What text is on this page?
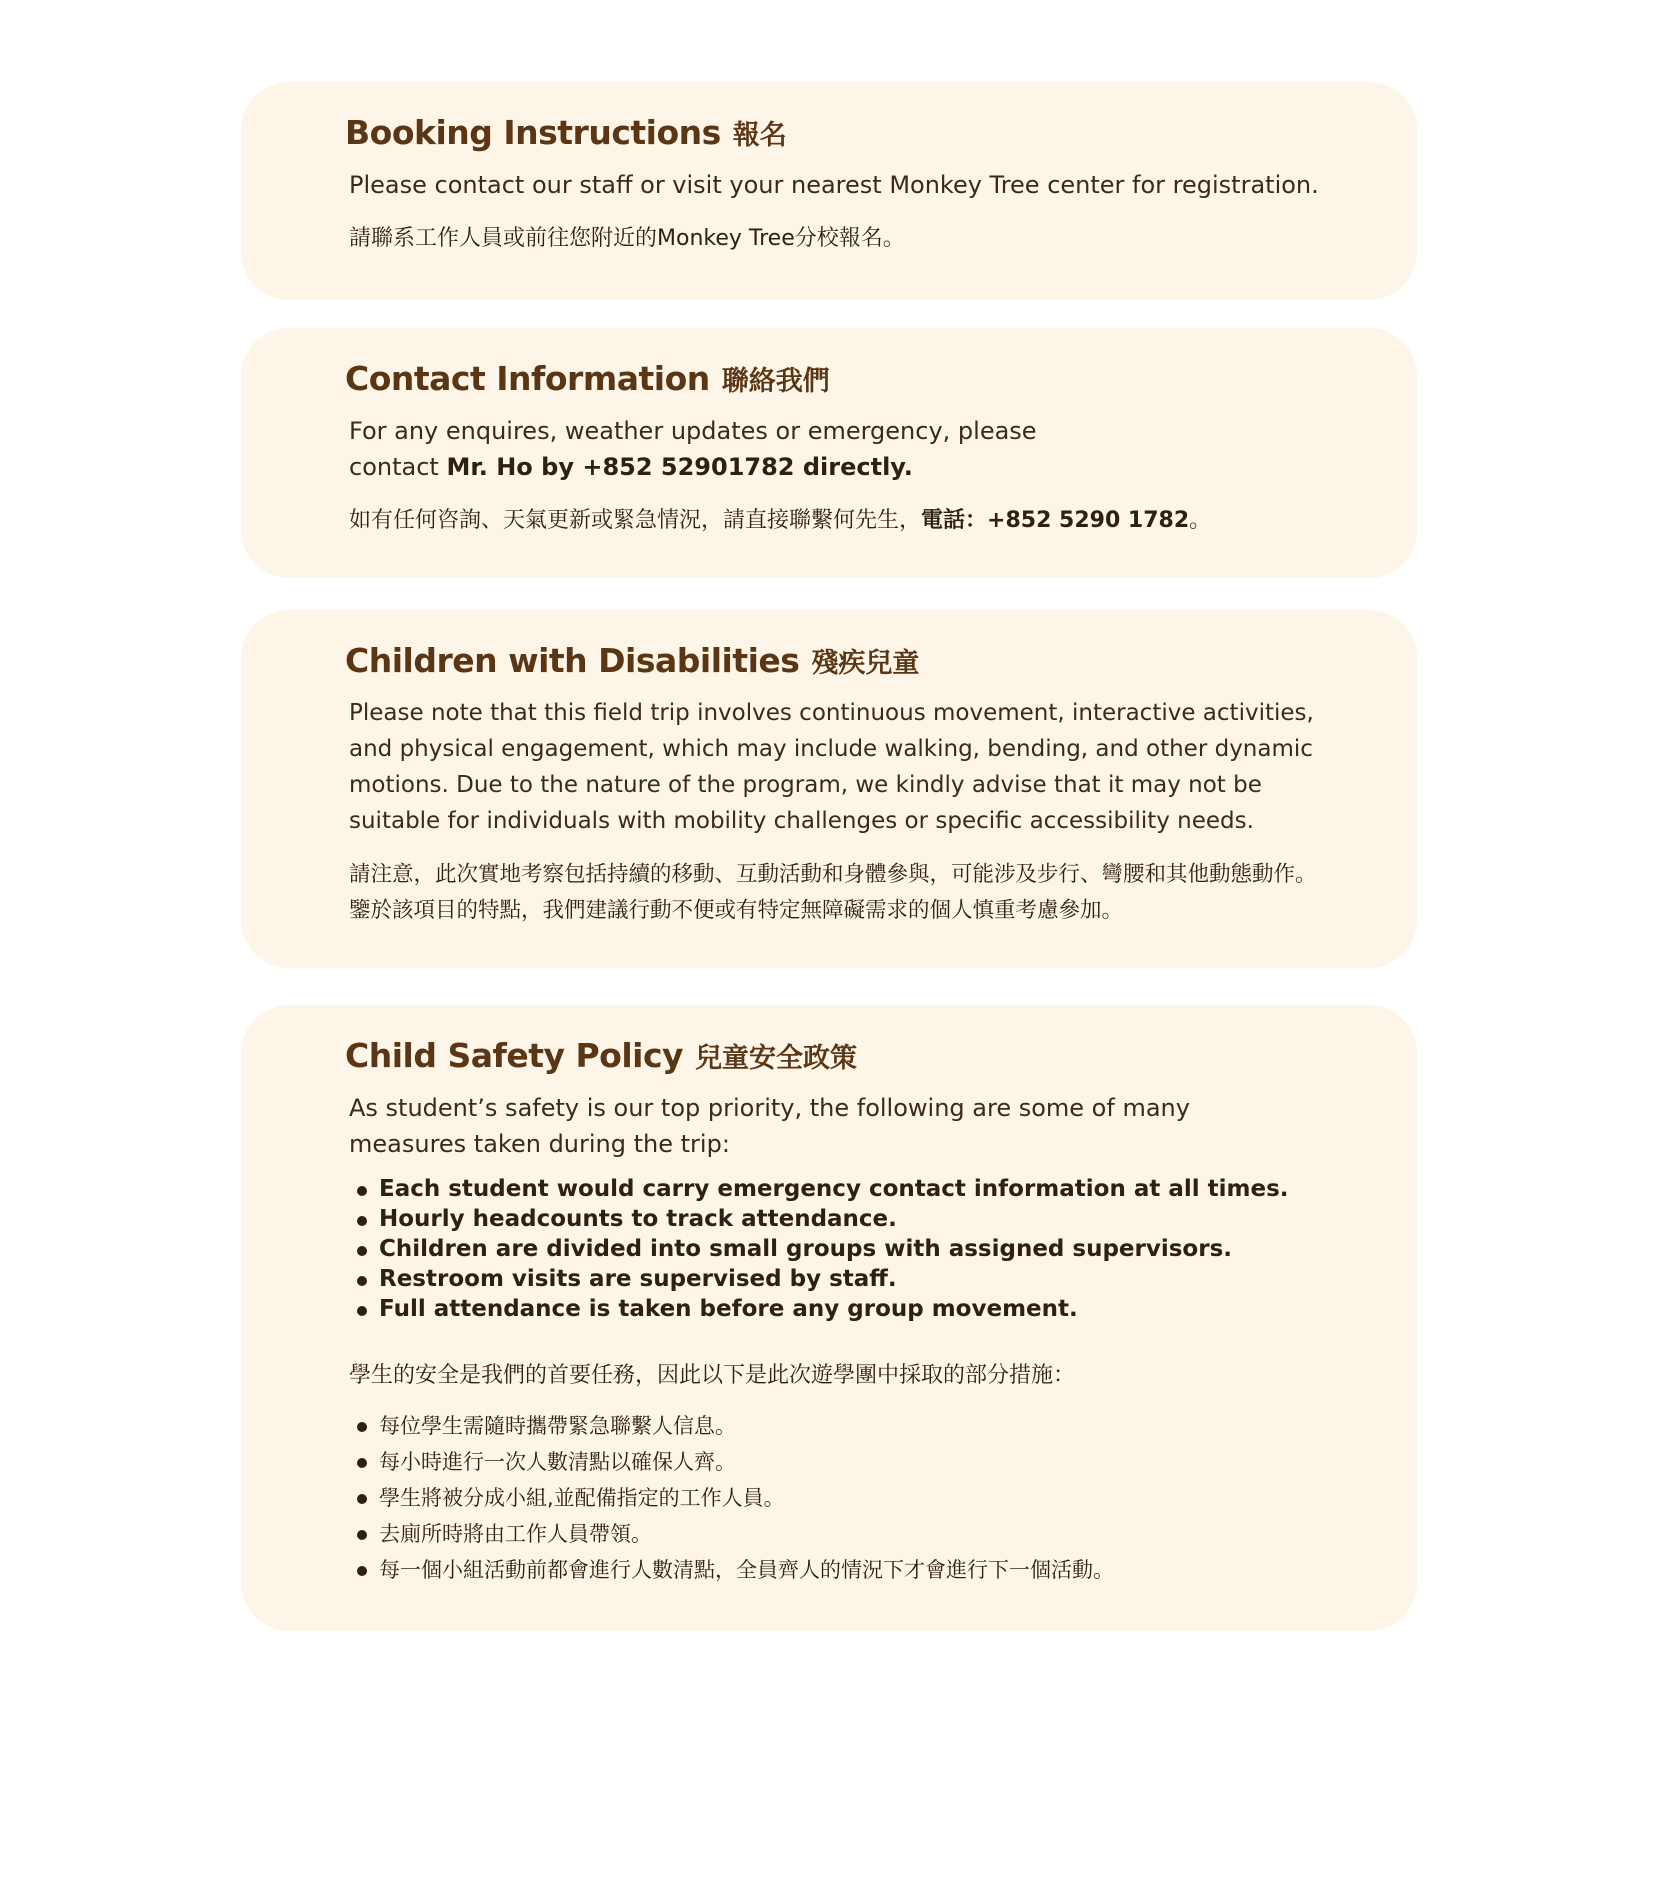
Booking Instructions 報名

Please contact our staff or visit your nearest Monkey Tree center for registration.

請聯系工作人員或前往您附近的Monkey Tree分校報名。

Contact Information 聯絡我們

For any enquires, weather updates or emergency, please contact Mr. Ho by +852 52901782 directly.

如有任何咨詢、天氣更新或緊急情況，請直接聯繫何先生，電話：+852 5290 1782。

Children with Disabilities 殘疾兒童

Please note that this field trip involves continuous movement, interactive activities, and physical engagement, which may include walking, bending, and other dynamic motions. Due to the nature of the program, we kindly advise that it may not be suitable for individuals with mobility challenges or specific accessibility needs.

請注意，此次實地考察包括持續的移動、互動活動和身體參與，可能涉及步行、彎腰和其他動態動作。鑒於該項目的特點，我們建議行動不便或有特定無障礙需求的個人慎重考慮參加。

Child Safety Policy 兒童安全政策

As student’s safety is our top priority, the following are some of many measures taken during the trip:

Each student would carry emergency contact information at all times.
Hourly headcounts to track attendance.
Children are divided into small groups with assigned supervisors.
Restroom visits are supervised by staff.
Full attendance is taken before any group movement.

學生的安全是我們的首要任務，因此以下是此次遊學團中採取的部分措施：

每位學生需隨時攜帶緊急聯繫人信息。
每小時進行一次人數清點以確保人齊。
學生將被分成小組,並配備指定的工作人員。
去廁所時將由工作人員帶領。
每一個小組活動前都會進行人數清點，全員齊人的情況下才會進行下一個活動。
